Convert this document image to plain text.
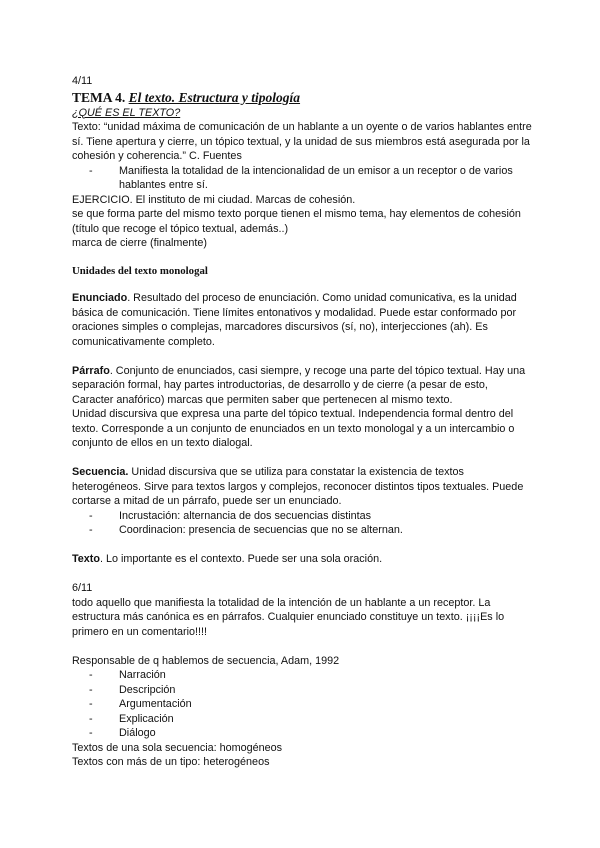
4/11

TEMA 4. El texto. Estructura y tipología

¿QUÉ ES EL TEXTO?

Texto: “unidad máxima de comunicación de un hablante a un oyente o de varios hablantes entre sí. Tiene apertura y cierre, un tópico textual, y la unidad de sus miembros está asegurada por la cohesión y coherencia.” C. Fuentes

-	Manifiesta la totalidad de la intencionalidad de un emisor a un receptor o de varios hablantes entre sí.

EJERCICIO. El instituto de mi ciudad. Marcas de cohesión.

se que forma parte del mismo texto porque tienen el mismo tema, hay elementos de cohesión (título que recoge el tópico textual, además..)

marca de cierre (finalmente)

Unidades del texto monologal

Enunciado. Resultado del proceso de enunciación. Como unidad comunicativa, es la unidad básica de comunicación. Tiene límites entonativos y modalidad. Puede estar conformado por oraciones simples o complejas, marcadores discursivos (sí, no), interjecciones (ah). Es comunicativamente completo.

Párrafo. Conjunto de enunciados, casi siempre, y recoge una parte del tópico textual. Hay una separación formal, hay partes introductorias, de desarrollo y de cierre (a pesar de esto, Caracter anafórico) marcas que permiten saber que pertenecen al mismo texto.

Unidad discursiva que expresa una parte del tópico textual. Independencia formal dentro del texto. Corresponde a un conjunto de enunciados en un texto monologal y a un intercambio o conjunto de ellos en un texto dialogal.

Secuencia. Unidad discursiva que se utiliza para constatar la existencia de textos heterogéneos. Sirve para textos largos y complejos, reconocer distintos tipos textuales. Puede cortarse a mitad de un párrafo, puede ser un enunciado.

-	Incrustación: alternancia de dos secuencias distintas
-	Coordinacion: presencia de secuencias que no se alternan.

Texto. Lo importante es el contexto. Puede ser una sola oración.

6/11

todo aquello que manifiesta la totalidad de la intención de un hablante a un receptor. La estructura más canónica es en párrafos. Cualquier enunciado constituye un texto. ¡¡¡¡Es lo primero en un comentario!!!!

Responsable de q hablemos de secuencia, Adam, 1992

-	Narración
-	Descripción
-	Argumentación
-	Explicación
-	Diálogo

Textos de una sola secuencia: homogéneos

Textos con más de un tipo: heterogéneos
